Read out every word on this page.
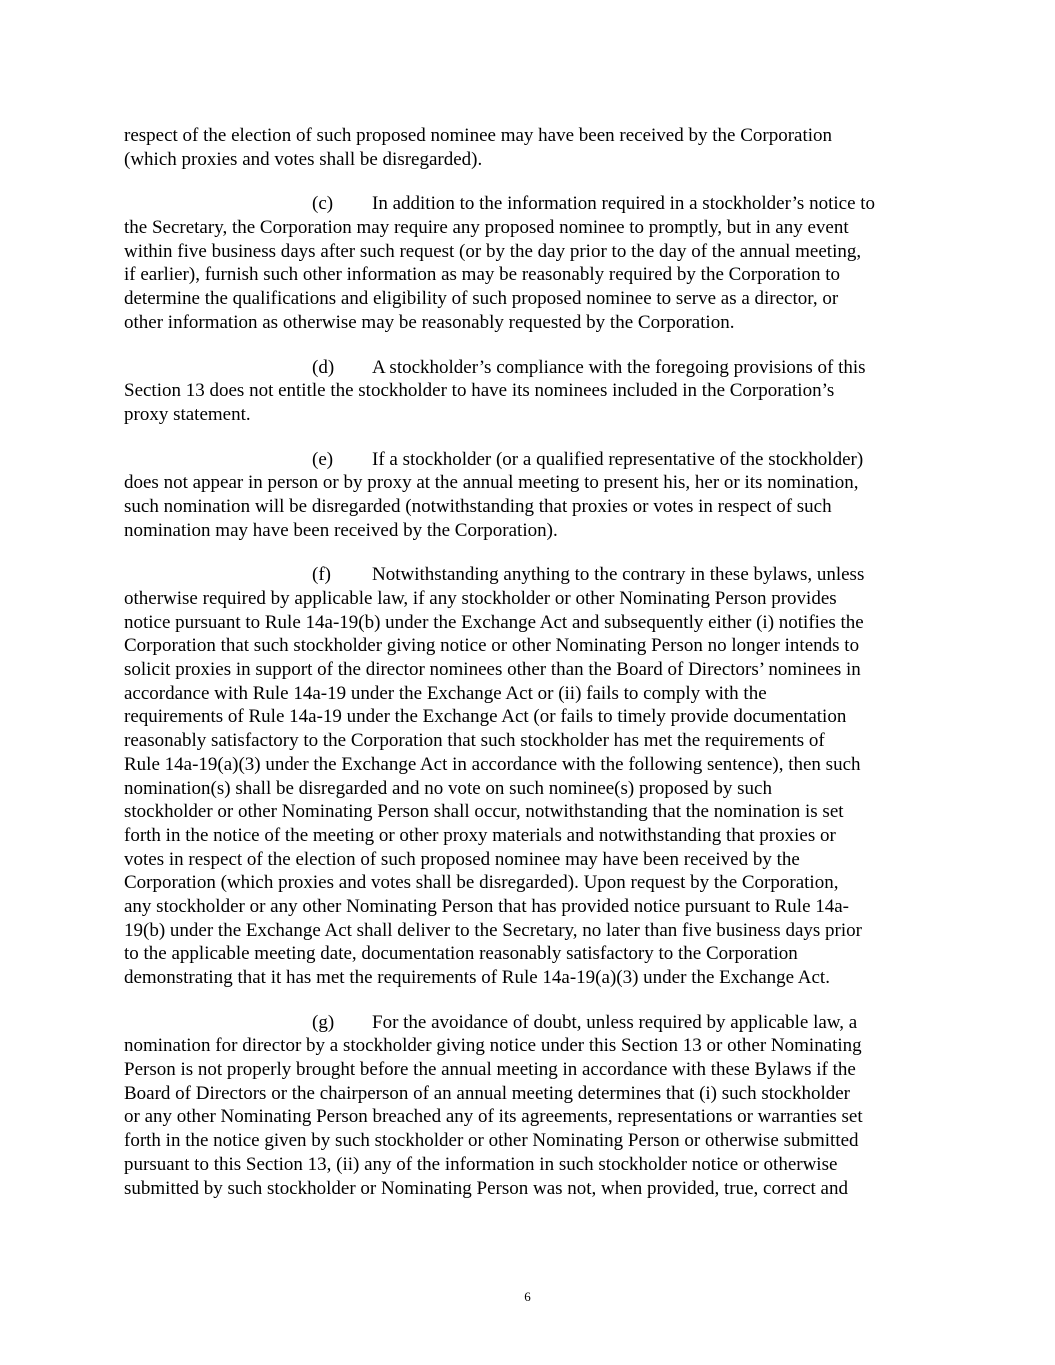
respect of the election of such proposed nominee may have been received by the Corporation
(which proxies and votes shall be disregarded).
(c) In addition to the information required in a stockholder’s notice to
the Secretary, the Corporation may require any proposed nominee to promptly, but in any event
within five business days after such request (or by the day prior to the day of the annual meeting,
if earlier), furnish such other information as may be reasonably required by the Corporation to
determine the qualifications and eligibility of such proposed nominee to serve as a director, or
other information as otherwise may be reasonably requested by the Corporation.
(d) A stockholder’s compliance with the foregoing provisions of this
Section 13 does not entitle the stockholder to have its nominees included in the Corporation’s
proxy statement.
(e) If a stockholder (or a qualified representative of the stockholder)
does not appear in person or by proxy at the annual meeting to present his, her or its nomination,
such nomination will be disregarded (notwithstanding that proxies or votes in respect of such
nomination may have been received by the Corporation).
(f) Notwithstanding anything to the contrary in these bylaws, unless
otherwise required by applicable law, if any stockholder or other Nominating Person provides
notice pursuant to Rule 14a-19(b) under the Exchange Act and subsequently either (i) notifies the
Corporation that such stockholder giving notice or other Nominating Person no longer intends to
solicit proxies in support of the director nominees other than the Board of Directors’ nominees in
accordance with Rule 14a-19 under the Exchange Act or (ii) fails to comply with the
requirements of Rule 14a-19 under the Exchange Act (or fails to timely provide documentation
reasonably satisfactory to the Corporation that such stockholder has met the requirements of
Rule 14a-19(a)(3) under the Exchange Act in accordance with the following sentence), then such
nomination(s) shall be disregarded and no vote on such nominee(s) proposed by such
stockholder or other Nominating Person shall occur, notwithstanding that the nomination is set
forth in the notice of the meeting or other proxy materials and notwithstanding that proxies or
votes in respect of the election of such proposed nominee may have been received by the
Corporation (which proxies and votes shall be disregarded). Upon request by the Corporation,
any stockholder or any other Nominating Person that has provided notice pursuant to Rule 14a-
19(b) under the Exchange Act shall deliver to the Secretary, no later than five business days prior
to the applicable meeting date, documentation reasonably satisfactory to the Corporation
demonstrating that it has met the requirements of Rule 14a-19(a)(3) under the Exchange Act.
(g) For the avoidance of doubt, unless required by applicable law, a
nomination for director by a stockholder giving notice under this Section 13 or other Nominating
Person is not properly brought before the annual meeting in accordance with these Bylaws if the
Board of Directors or the chairperson of an annual meeting determines that (i) such stockholder
or any other Nominating Person breached any of its agreements, representations or warranties set
forth in the notice given by such stockholder or other Nominating Person or otherwise submitted
pursuant to this Section 13, (ii) any of the information in such stockholder notice or otherwise
submitted by such stockholder or Nominating Person was not, when provided, true, correct and
6
